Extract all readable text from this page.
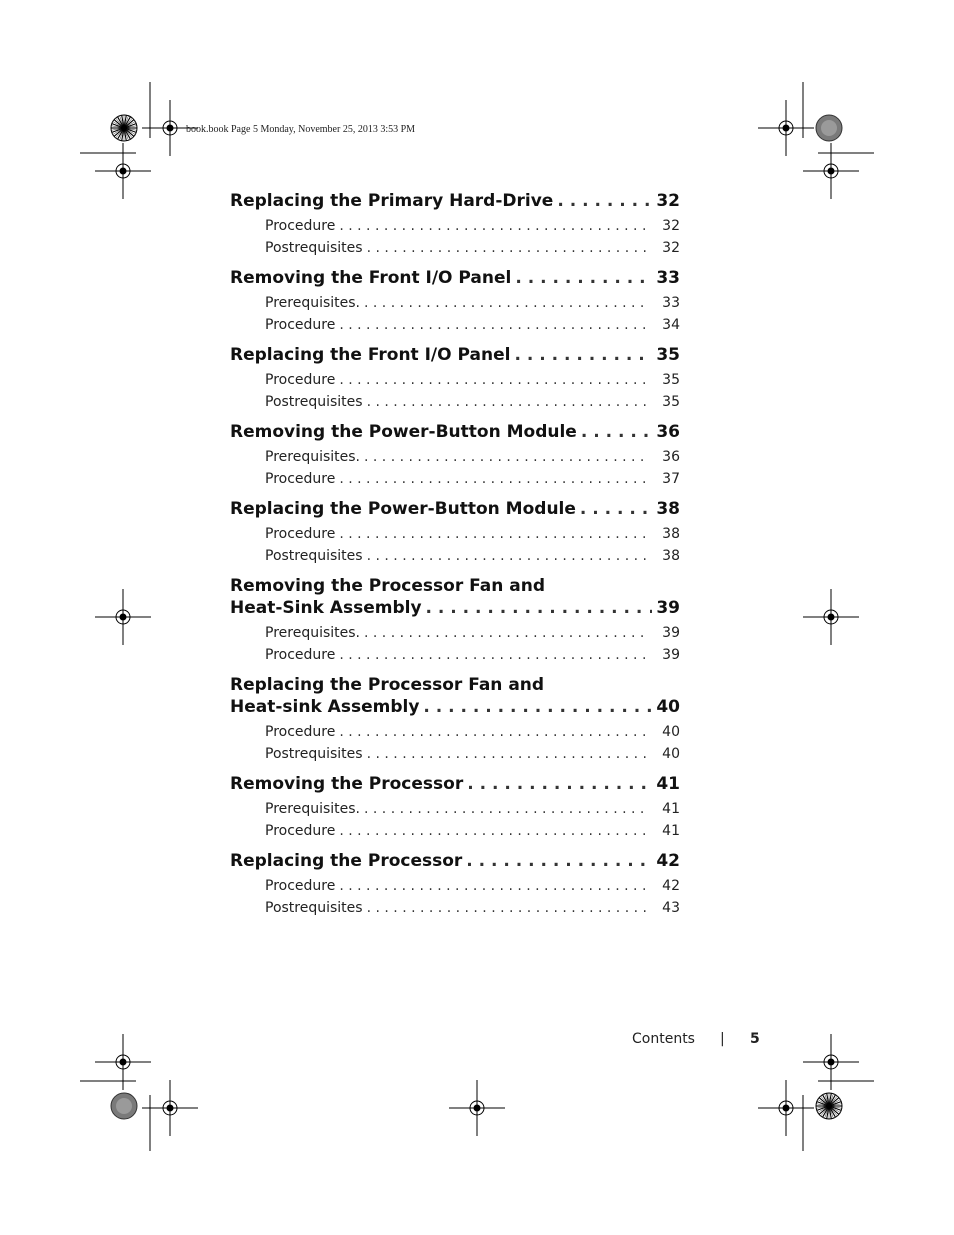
book.book Page 5 Monday, November 25, 2013 3:53 PM
Replacing the Primary Hard-Drive . . .	32
Procedure . . .	32
Postrequisites . . .	32
Removing the Front I/O Panel . . .	33
Prerequisites. . . .	33
Procedure . . .	34
Replacing the Front I/O Panel . . .	35
Procedure . . .	35
Postrequisites . . .	35
Removing the Power-Button Module . . .	36
Prerequisites. . . .	36
Procedure . . .	37
Replacing the Power-Button Module . . .	38
Procedure . . .	38
Postrequisites . . .	38
Removing the Processor Fan and
Heat-Sink Assembly . . .	39
Prerequisites. . . .	39
Procedure . . .	39
Replacing the Processor Fan and
Heat-sink Assembly . . .	40
Procedure . . .	40
Postrequisites . . .	40
Removing the Processor . . .	41
Prerequisites. . . .	41
Procedure . . .	41
Replacing the Processor . . .	42
Procedure . . .	42
Postrequisites . . .	43
Contents | 5
